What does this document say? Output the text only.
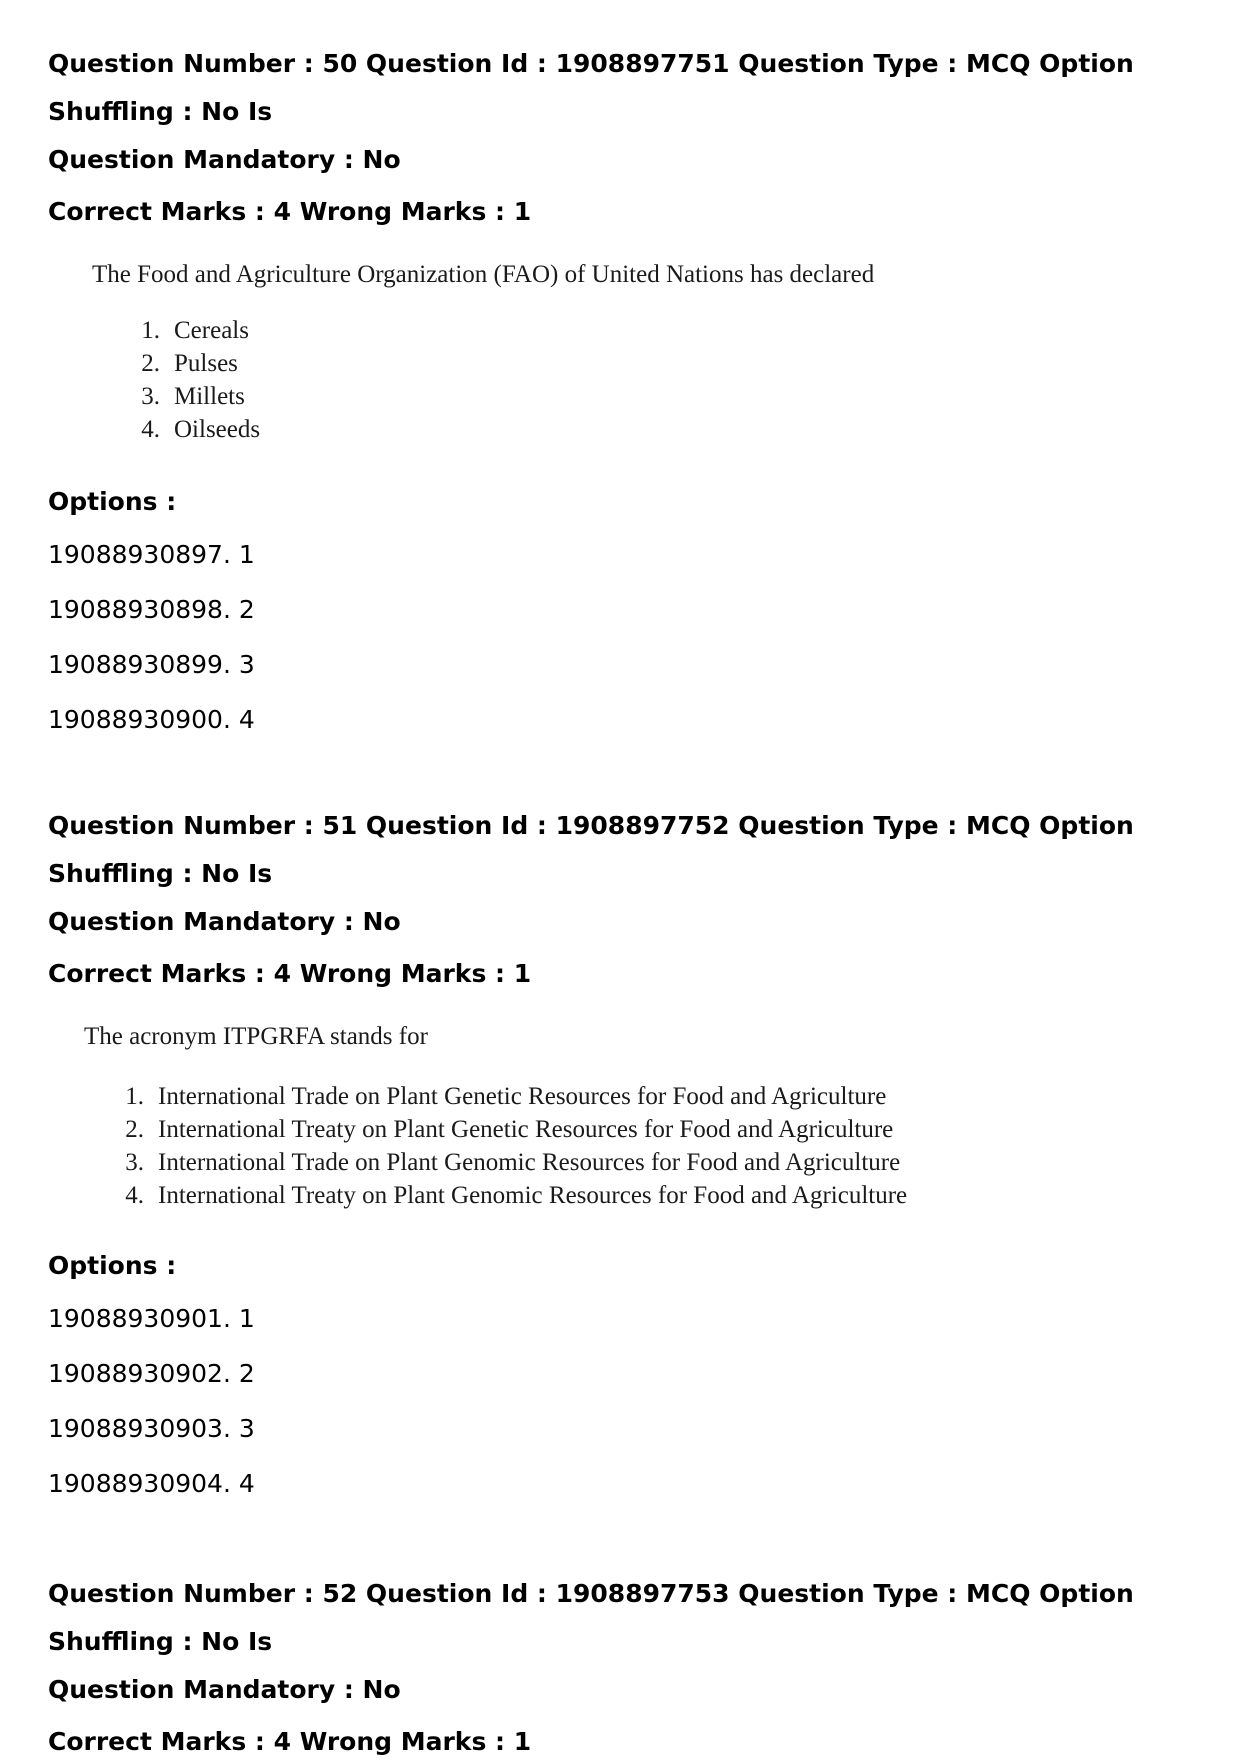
Question Number : 50 Question Id : 1908897751 Question Type : MCQ Option Shuffling : No Is
Question Mandatory : No
Correct Marks : 4 Wrong Marks : 1
The Food and Agriculture Organization (FAO) of United Nations has declared
1. Cereals
2. Pulses
3. Millets
4. Oilseeds
Options :
19088930897. 1
19088930898. 2
19088930899. 3
19088930900. 4
Question Number : 51 Question Id : 1908897752 Question Type : MCQ Option Shuffling : No Is
Question Mandatory : No
Correct Marks : 4 Wrong Marks : 1
The acronym ITPGRFA stands for
1. International Trade on Plant Genetic Resources for Food and Agriculture
2. International Treaty on Plant Genetic Resources for Food and Agriculture
3. International Trade on Plant Genomic Resources for Food and Agriculture
4. International Treaty on Plant Genomic Resources for Food and Agriculture
Options :
19088930901. 1
19088930902. 2
19088930903. 3
19088930904. 4
Question Number : 52 Question Id : 1908897753 Question Type : MCQ Option Shuffling : No Is
Question Mandatory : No
Correct Marks : 4 Wrong Marks : 1
